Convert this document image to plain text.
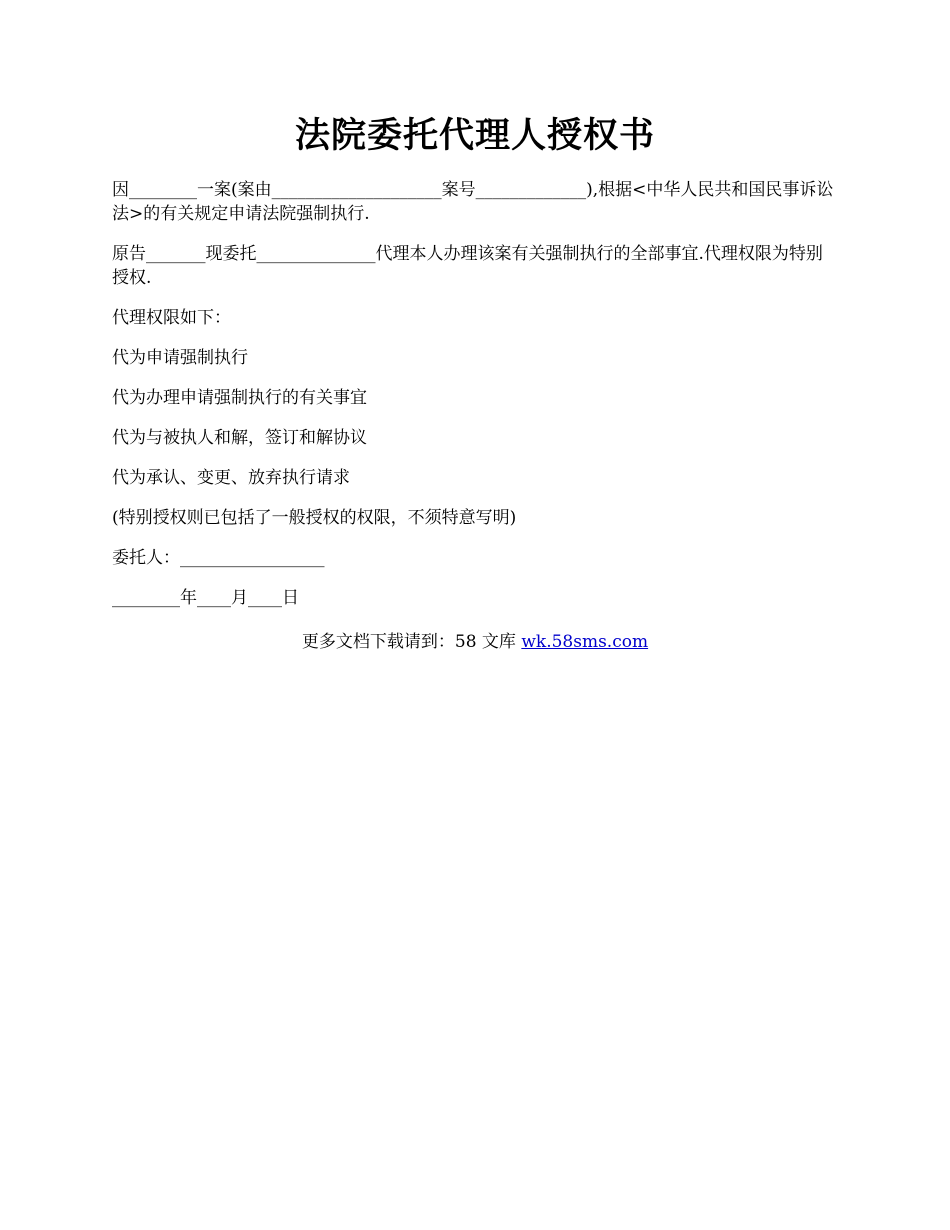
法院委托代理人授权书

因________一案(案由____________________案号_____________),根据<中华人民共和国民事诉讼法>的有关规定申请法院强制执行.

原告_______现委托______________代理本人办理该案有关强制执行的全部事宜.代理权限为特别授权.

代理权限如下：

代为申请强制执行

代为办理申请强制执行的有关事宜

代为与被执人和解，签订和解协议

代为承认、变更、放弃执行请求

(特别授权则已包括了一般授权的权限，不须特意写明)

委托人：_________________

________年____月____日

更多文档下载请到：58 文库 wk.58sms.com
